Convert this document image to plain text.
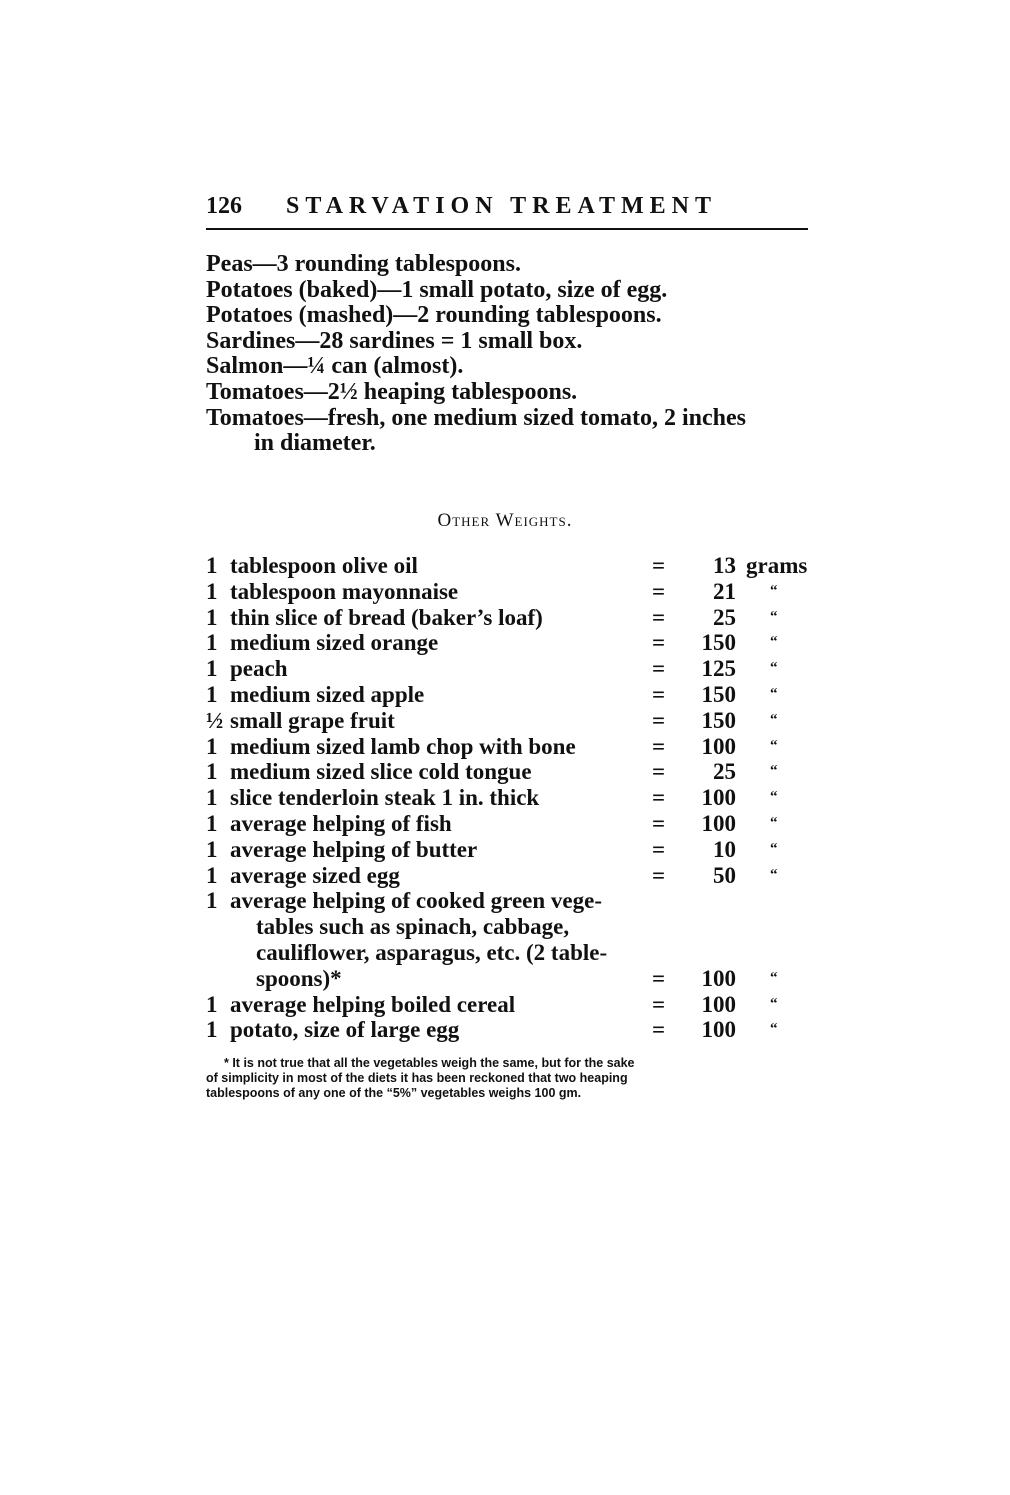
126 STARVATION TREATMENT
Peas—3 rounding tablespoons.
Potatoes (baked)—1 small potato, size of egg.
Potatoes (mashed)—2 rounding tablespoons.
Sardines—28 sardines = 1 small box.
Salmon—¼ can (almost).
Tomatoes—2½ heaping tablespoons.
Tomatoes—fresh, one medium sized tomato, 2 inches
in diameter.
Other Weights.
1 tablespoon olive oil	=	13 grams
1 tablespoon mayonnaise	=	21 “
1 thin slice of bread (baker’s loaf)	=	25 “
1 medium sized orange	=	150 “
1 peach	=	125 “
1 medium sized apple	=	150 “
½ small grape fruit	=	150 “
1 medium sized lamb chop with bone	=	100 “
1 medium sized slice cold tongue	=	25 “
1 slice tenderloin steak 1 in. thick	=	100 “
1 average helping of fish	=	100 “
1 average helping of butter	=	10 “
1 average sized egg	=	50 “
1 average helping of cooked green vege-
tables such as spinach, cabbage,
cauliflower, asparagus, etc. (2 table-
spoons)*	=	100 “
1 average helping boiled cereal	=	100 “
1 potato, size of large egg	=	100 “
* It is not true that all the vegetables weigh the same, but for the sake
of simplicity in most of the diets it has been reckoned that two heaping
tablespoons of any one of the “5%” vegetables weighs 100 gm.
